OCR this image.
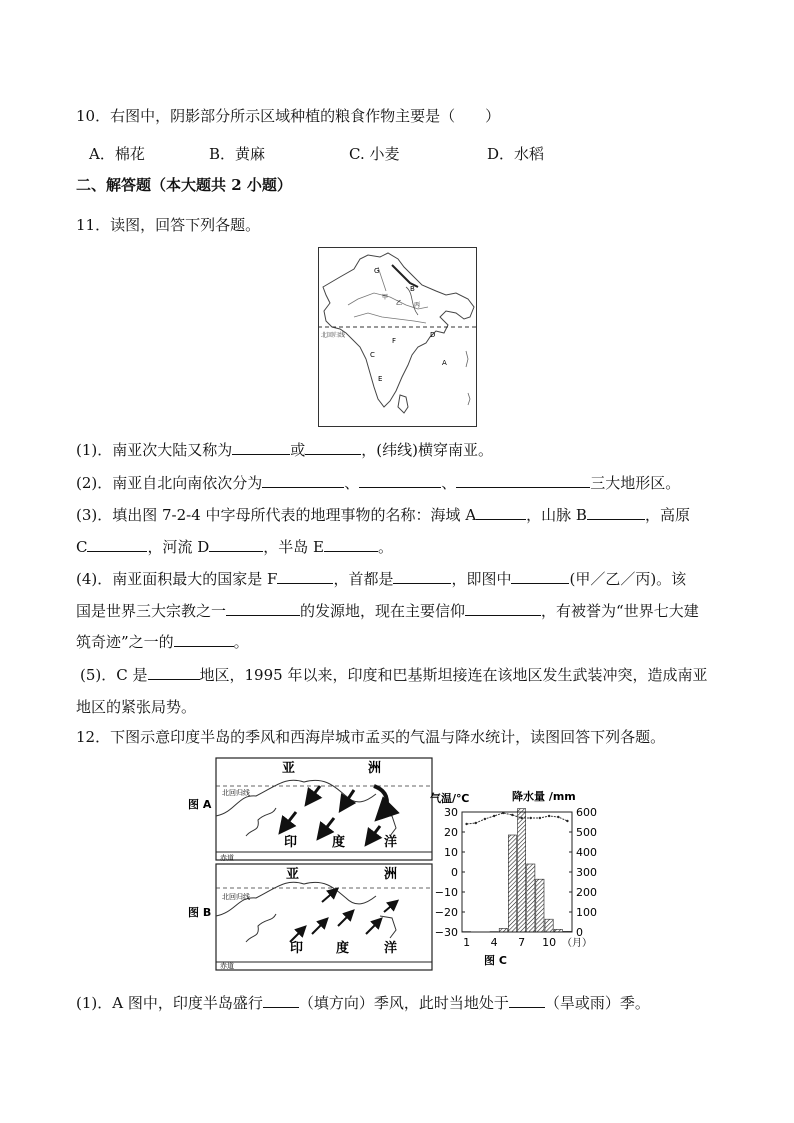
10．右图中，阴影部分所示区域种植的粮食作物主要是（　　）
A．棉花	B．黄麻	C. 小麦	D．水稻
二、解答题（本大题共 2 小题）
11．读图，回答下列各题。
北回归线
G
甲
乙 丙
B
D
F
C
E
A
(1)．南亚次大陆又称为	或	，(纬线)横穿南亚。
(2)．南亚自北向南依次分为	、	、	三大地形区。
(3)．填出图 7-2-4 中字母所代表的地理事物的名称：海域 A	，山脉 B	，高原
C	，河流 D	，半岛 E	。
(4)．南亚面积最大的国家是 F	，首都是	，即图中	(甲／乙／丙)。该
国是世界三大宗教之一	的发源地，现在主要信仰	，有被誉为“世界七大建
筑奇迹”之一的	。
(5)．C 是	地区，1995 年以来，印度和巴基斯坦接连在该地区发生武装冲突，造成南亚
地区的紧张局势。
12．下图示意印度半岛的季风和西海岸城市孟买的气温与降水统计，读图回答下列各题。
图 A
亚	洲
北回归线
印	度	洋
赤道
图 B
亚	洲
北回归线
印	度	洋
赤道
气温/℃	降水量 /mm
30
20
10
0
−10
−20
−30
600
500
400
300
200
100
0
1 4 7 10 （月）
图 C
(1)．A 图中，印度半岛盛行 （填方向）季风，此时当地处于 （旱或雨）季。
